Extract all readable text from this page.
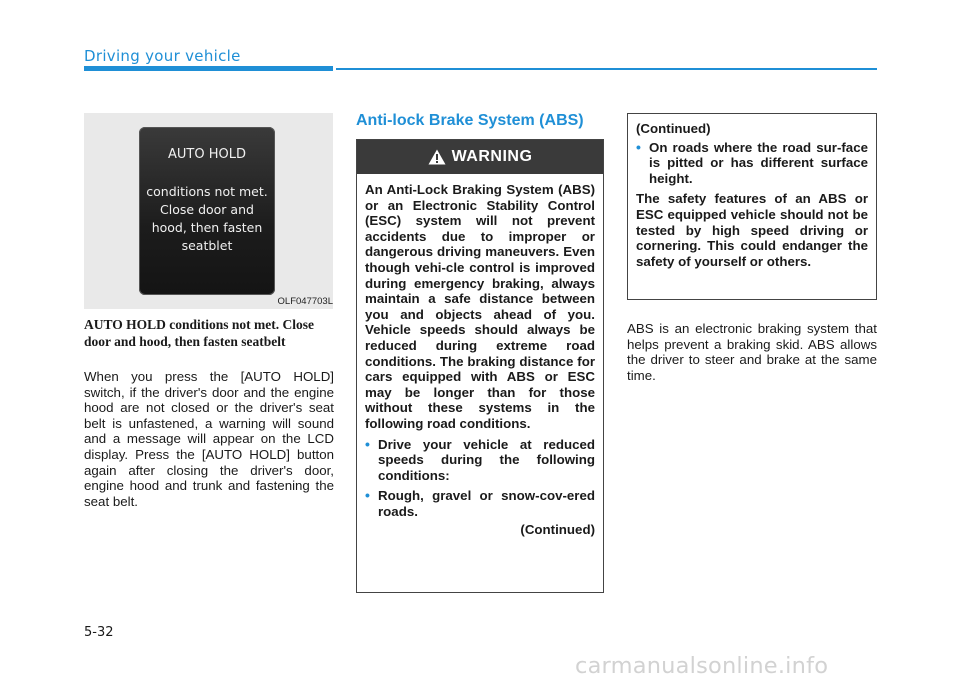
Driving your vehicle
AUTO HOLD
conditions not met. Close door and hood, then fasten seatblet
OLF047703L
AUTO HOLD conditions not met. Close door and hood, then fasten seatbelt
When you press the [AUTO HOLD] switch, if the driver's door and the engine hood are not closed or the driver's seat belt is unfastened, a warning will sound and a message will appear on the LCD display. Press the [AUTO HOLD] button again after closing the driver's door, engine hood and trunk and fastening the seat belt.
Anti-lock Brake System (ABS)
WARNING
An Anti-Lock Braking System (ABS) or an Electronic Stability Control (ESC) system will not prevent accidents due to improper or dangerous driving maneuvers. Even though vehi-cle control is improved during emergency braking, always maintain a safe distance between you and objects ahead of you. Vehicle speeds should always be reduced during extreme road conditions. The braking distance for cars equipped with ABS or ESC may be longer than for those without these systems in the following road conditions.
• Drive your vehicle at reduced speeds during the following conditions:
• Rough, gravel or snow-cov-ered roads.
(Continued)
(Continued)
• On roads where the road sur-face is pitted or has different surface height.
The safety features of an ABS or ESC equipped vehicle should not be tested by high speed driving or cornering. This could endanger the safety of yourself or others.
ABS is an electronic braking system that helps prevent a braking skid. ABS allows the driver to steer and brake at the same time.
5-32
carmanualsonline.info
